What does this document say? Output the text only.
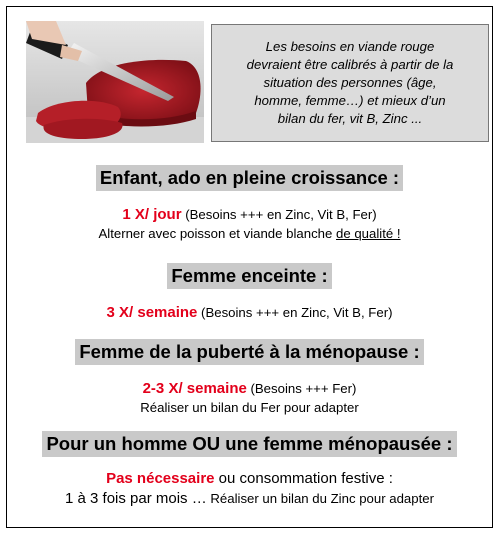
Les besoins en viande rouge
devraient être calibrés à partir de la
situation des personnes (âge,
homme, femme…) et mieux d’un
bilan du fer, vit B, Zinc ...
Enfant, ado en pleine croissance :
1 X/ jour (Besoins +++ en Zinc, Vit B, Fer)
Alterner avec poisson et viande blanche de qualité !
Femme enceinte :
3 X/ semaine (Besoins +++ en Zinc, Vit B, Fer)
Femme de la puberté à la ménopause :
2-3 X/ semaine (Besoins +++ Fer)
Réaliser un bilan du Fer pour adapter
Pour un homme OU une femme ménopausée :
Pas nécessaire ou consommation festive :
1 à 3 fois par mois … Réaliser un bilan du Zinc pour adapter
